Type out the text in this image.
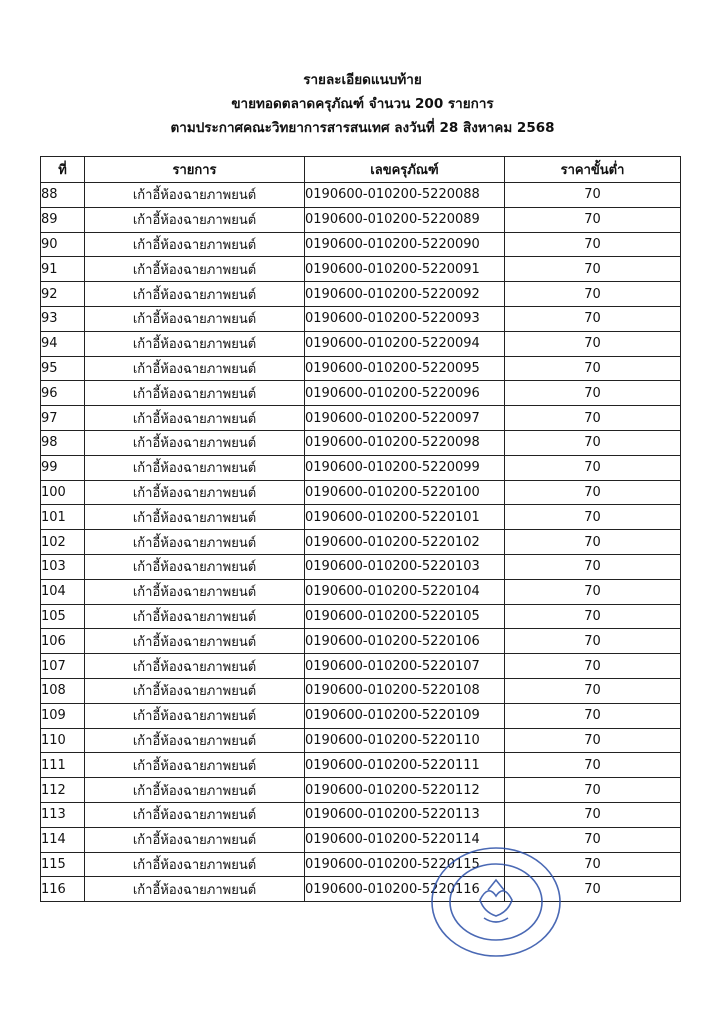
รายละเอียดแนบท้าย
ขายทอดตลาดครุภัณฑ์ จำนวน 200 รายการ
ตามประกาศคณะวิทยาการสารสนเทศ ลงวันที่ 28 สิงหาคม 2568
ที่	รายการ	เลขครุภัณฑ์	ราคาขั้นต่ำ
88	เก้าอี้ห้องฉายภาพยนต์	0190600-010200-5220088	70
89	เก้าอี้ห้องฉายภาพยนต์	0190600-010200-5220089	70
90	เก้าอี้ห้องฉายภาพยนต์	0190600-010200-5220090	70
91	เก้าอี้ห้องฉายภาพยนต์	0190600-010200-5220091	70
92	เก้าอี้ห้องฉายภาพยนต์	0190600-010200-5220092	70
93	เก้าอี้ห้องฉายภาพยนต์	0190600-010200-5220093	70
94	เก้าอี้ห้องฉายภาพยนต์	0190600-010200-5220094	70
95	เก้าอี้ห้องฉายภาพยนต์	0190600-010200-5220095	70
96	เก้าอี้ห้องฉายภาพยนต์	0190600-010200-5220096	70
97	เก้าอี้ห้องฉายภาพยนต์	0190600-010200-5220097	70
98	เก้าอี้ห้องฉายภาพยนต์	0190600-010200-5220098	70
99	เก้าอี้ห้องฉายภาพยนต์	0190600-010200-5220099	70
100	เก้าอี้ห้องฉายภาพยนต์	0190600-010200-5220100	70
101	เก้าอี้ห้องฉายภาพยนต์	0190600-010200-5220101	70
102	เก้าอี้ห้องฉายภาพยนต์	0190600-010200-5220102	70
103	เก้าอี้ห้องฉายภาพยนต์	0190600-010200-5220103	70
104	เก้าอี้ห้องฉายภาพยนต์	0190600-010200-5220104	70
105	เก้าอี้ห้องฉายภาพยนต์	0190600-010200-5220105	70
106	เก้าอี้ห้องฉายภาพยนต์	0190600-010200-5220106	70
107	เก้าอี้ห้องฉายภาพยนต์	0190600-010200-5220107	70
108	เก้าอี้ห้องฉายภาพยนต์	0190600-010200-5220108	70
109	เก้าอี้ห้องฉายภาพยนต์	0190600-010200-5220109	70
110	เก้าอี้ห้องฉายภาพยนต์	0190600-010200-5220110	70
111	เก้าอี้ห้องฉายภาพยนต์	0190600-010200-5220111	70
112	เก้าอี้ห้องฉายภาพยนต์	0190600-010200-5220112	70
113	เก้าอี้ห้องฉายภาพยนต์	0190600-010200-5220113	70
114	เก้าอี้ห้องฉายภาพยนต์	0190600-010200-5220114	70
115	เก้าอี้ห้องฉายภาพยนต์	0190600-010200-5220115	70
116	เก้าอี้ห้องฉายภาพยนต์	0190600-010200-5220116	70
